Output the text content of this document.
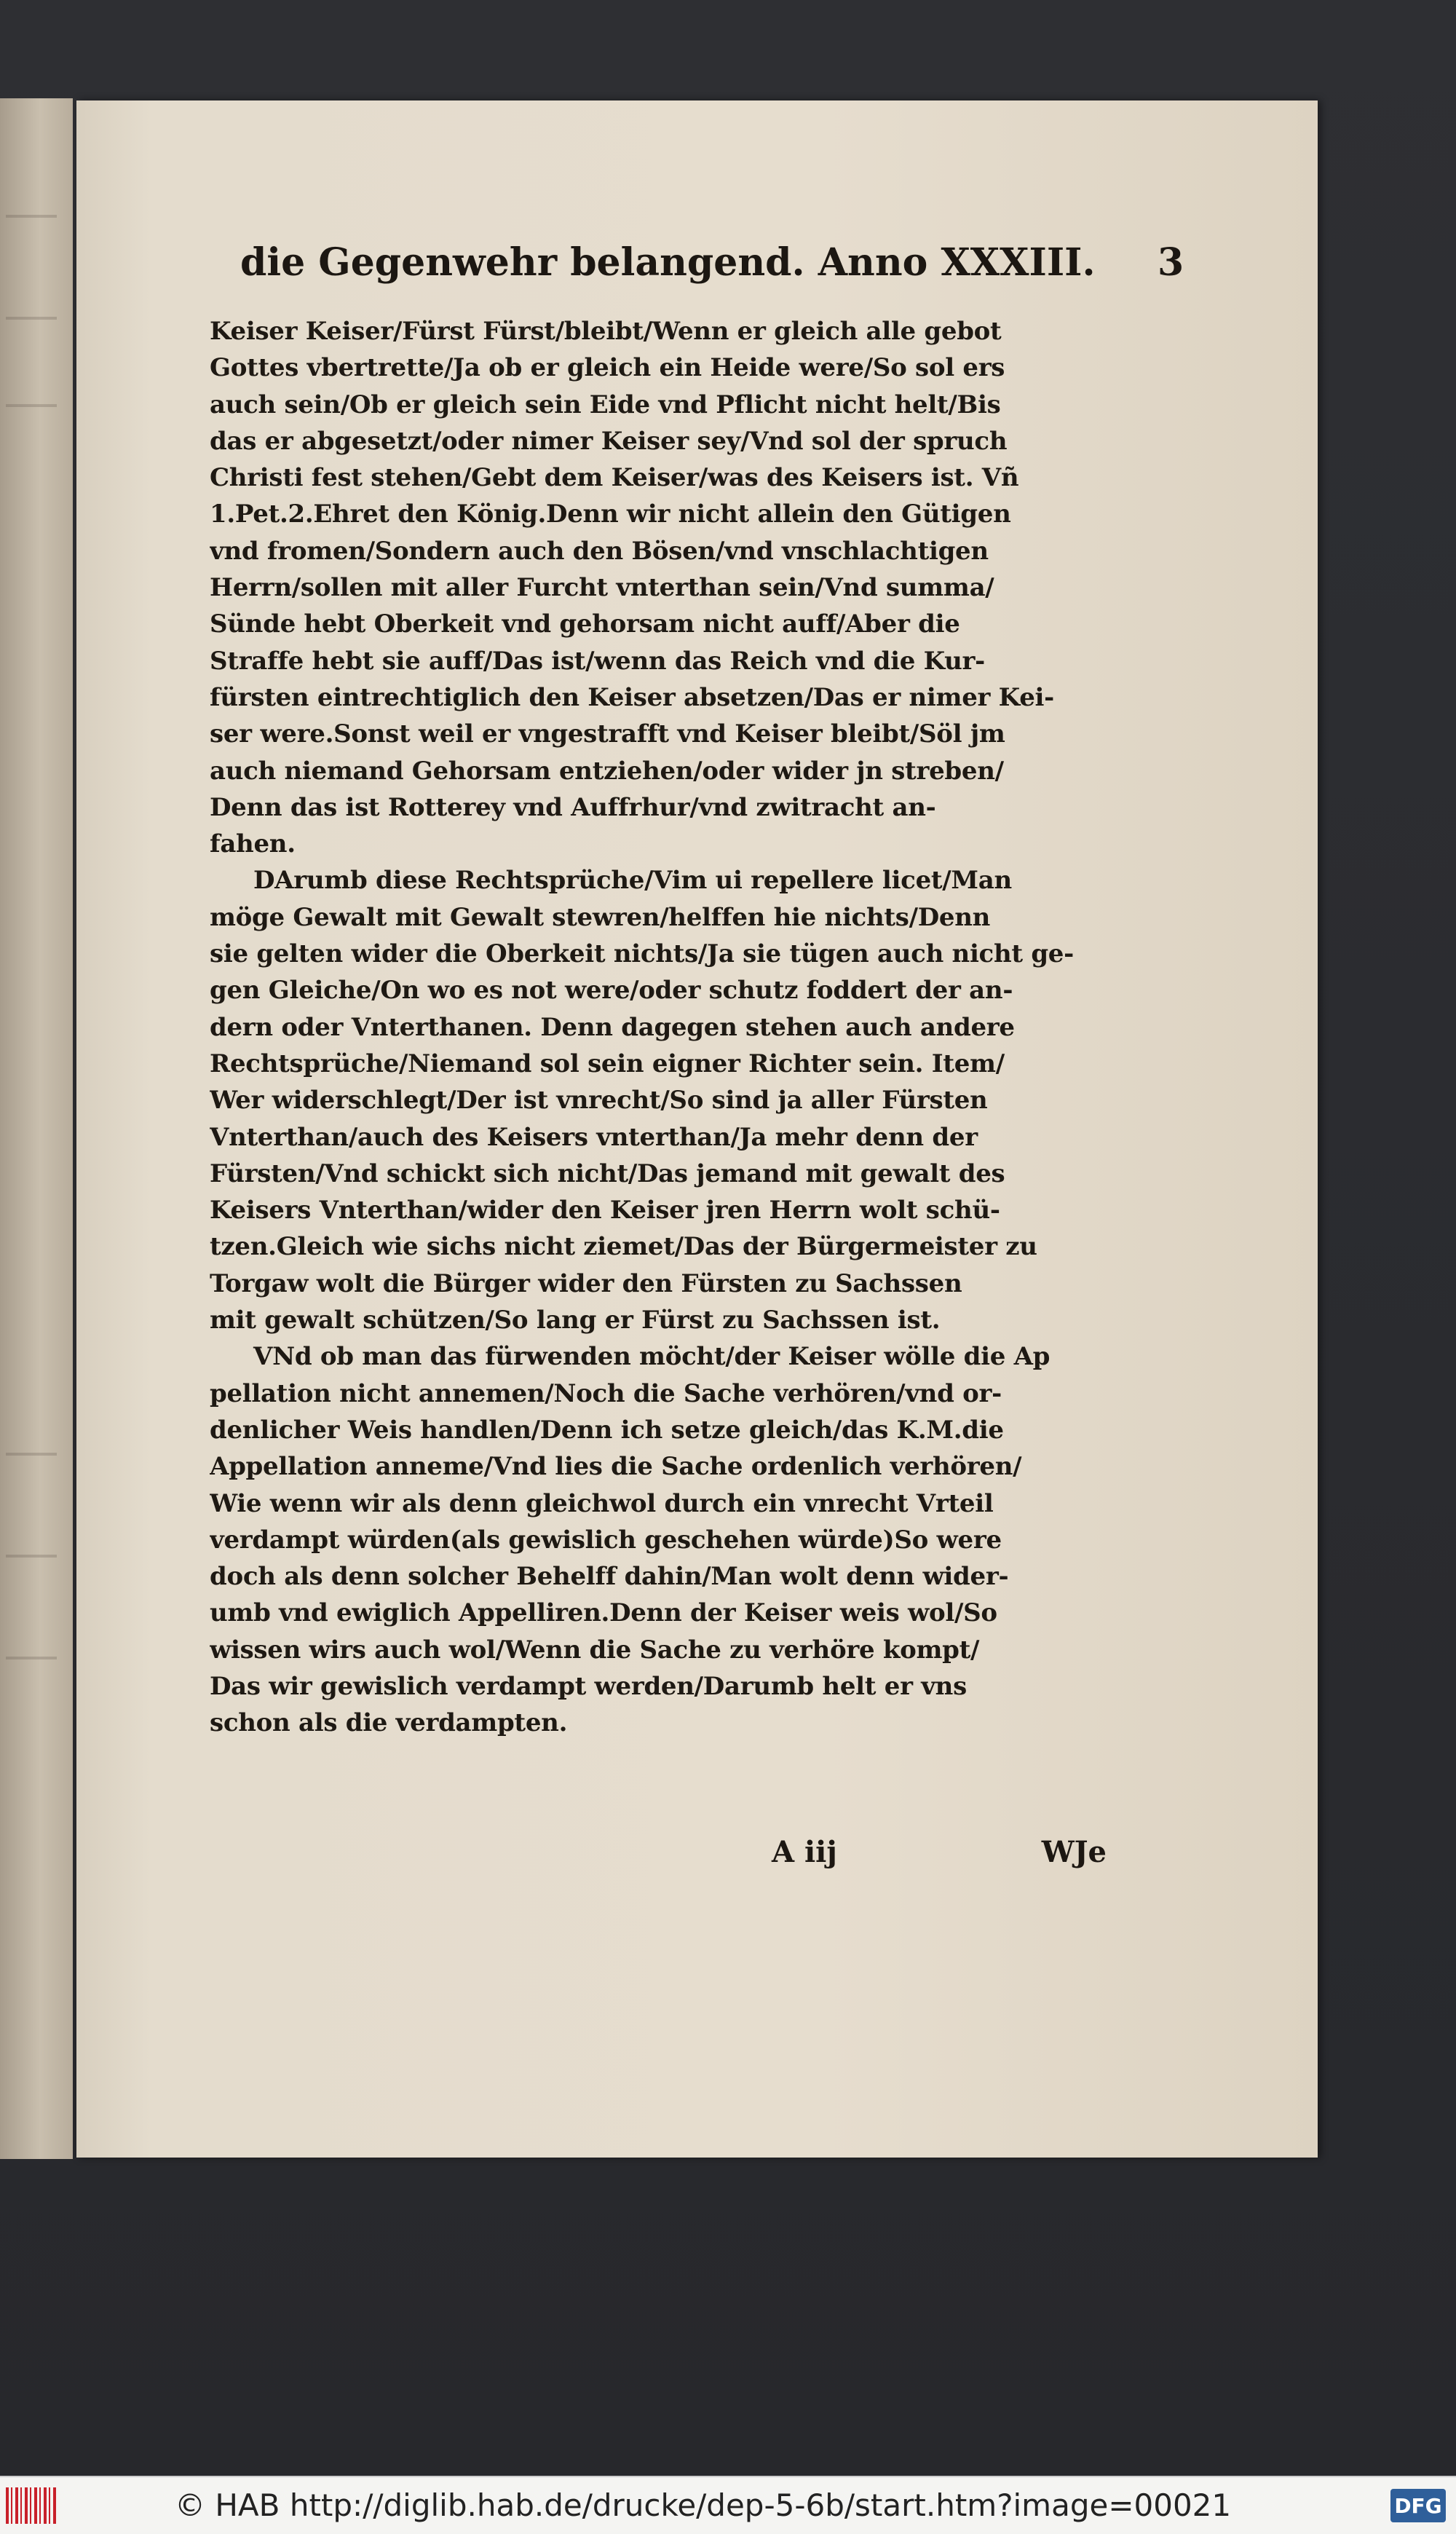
die Gegenwehr belangend. Anno XXXIII. 3
Keiser Keiser/Fürst Fürst/bleibt/Wenn er gleich alle gebot
Gottes vbertrette/Ja ob er gleich ein Heide were/So sol ers
auch sein/Ob er gleich sein Eide vnd Pflicht nicht helt/Bis
das er abgesetzt/oder nimer Keiser sey/Vnd sol der spruch
Christi fest stehen/Gebt dem Keiser/was des Keisers ist. Vñ
1.Pet.2.Ehret den König.Denn wir nicht allein den Gütigen
vnd fromen/Sondern auch den Bösen/vnd vnschlachtigen
Herrn/sollen mit aller Furcht vnterthan sein/Vnd summa/
Sünde hebt Oberkeit vnd gehorsam nicht auff/Aber die
Straffe hebt sie auff/Das ist/wenn das Reich vnd die Kur-
fürsten eintrechtiglich den Keiser absetzen/Das er nimer Kei-
ser were.Sonst weil er vngestrafft vnd Keiser bleibt/Söl jm
auch niemand Gehorsam entziehen/oder wider jn streben/
Denn das ist Rotterey vnd Auffrhur/vnd zwitracht an-
fahen.
DArumb diese Rechtsprüche/Vim ui repellere licet/Man
möge Gewalt mit Gewalt stewren/helffen hie nichts/Denn
sie gelten wider die Oberkeit nichts/Ja sie tügen auch nicht ge-
gen Gleiche/On wo es not were/oder schutz foddert der an-
dern oder Vnterthanen. Denn dagegen stehen auch andere
Rechtsprüche/Niemand sol sein eigner Richter sein. Item/
Wer widerschlegt/Der ist vnrecht/So sind ja aller Fürsten
Vnterthan/auch des Keisers vnterthan/Ja mehr denn der
Fürsten/Vnd schickt sich nicht/Das jemand mit gewalt des
Keisers Vnterthan/wider den Keiser jren Herrn wolt schü-
tzen.Gleich wie sichs nicht ziemet/Das der Bürgermeister zu
Torgaw wolt die Bürger wider den Fürsten zu Sachssen
mit gewalt schützen/So lang er Fürst zu Sachssen ist.
VNd ob man das fürwenden möcht/der Keiser wölle die Ap
pellation nicht annemen/Noch die Sache verhören/vnd or-
denlicher Weis handlen/Denn ich setze gleich/das K.M.die
Appellation anneme/Vnd lies die Sache ordenlich verhören/
Wie wenn wir als denn gleichwol durch ein vnrecht Vrteil
verdampt würden(als gewislich geschehen würde)So were
doch als denn solcher Behelff dahin/Man wolt denn wider-
umb vnd ewiglich Appelliren.Denn der Keiser weis wol/So
wissen wirs auch wol/Wenn die Sache zu verhöre kompt/
Das wir gewislich verdampt werden/Darumb helt er vns
schon als die verdampten.
A iij	WJe
© HAB http://diglib.hab.de/drucke/dep-5-6b/start.htm?image=00021	DFG
